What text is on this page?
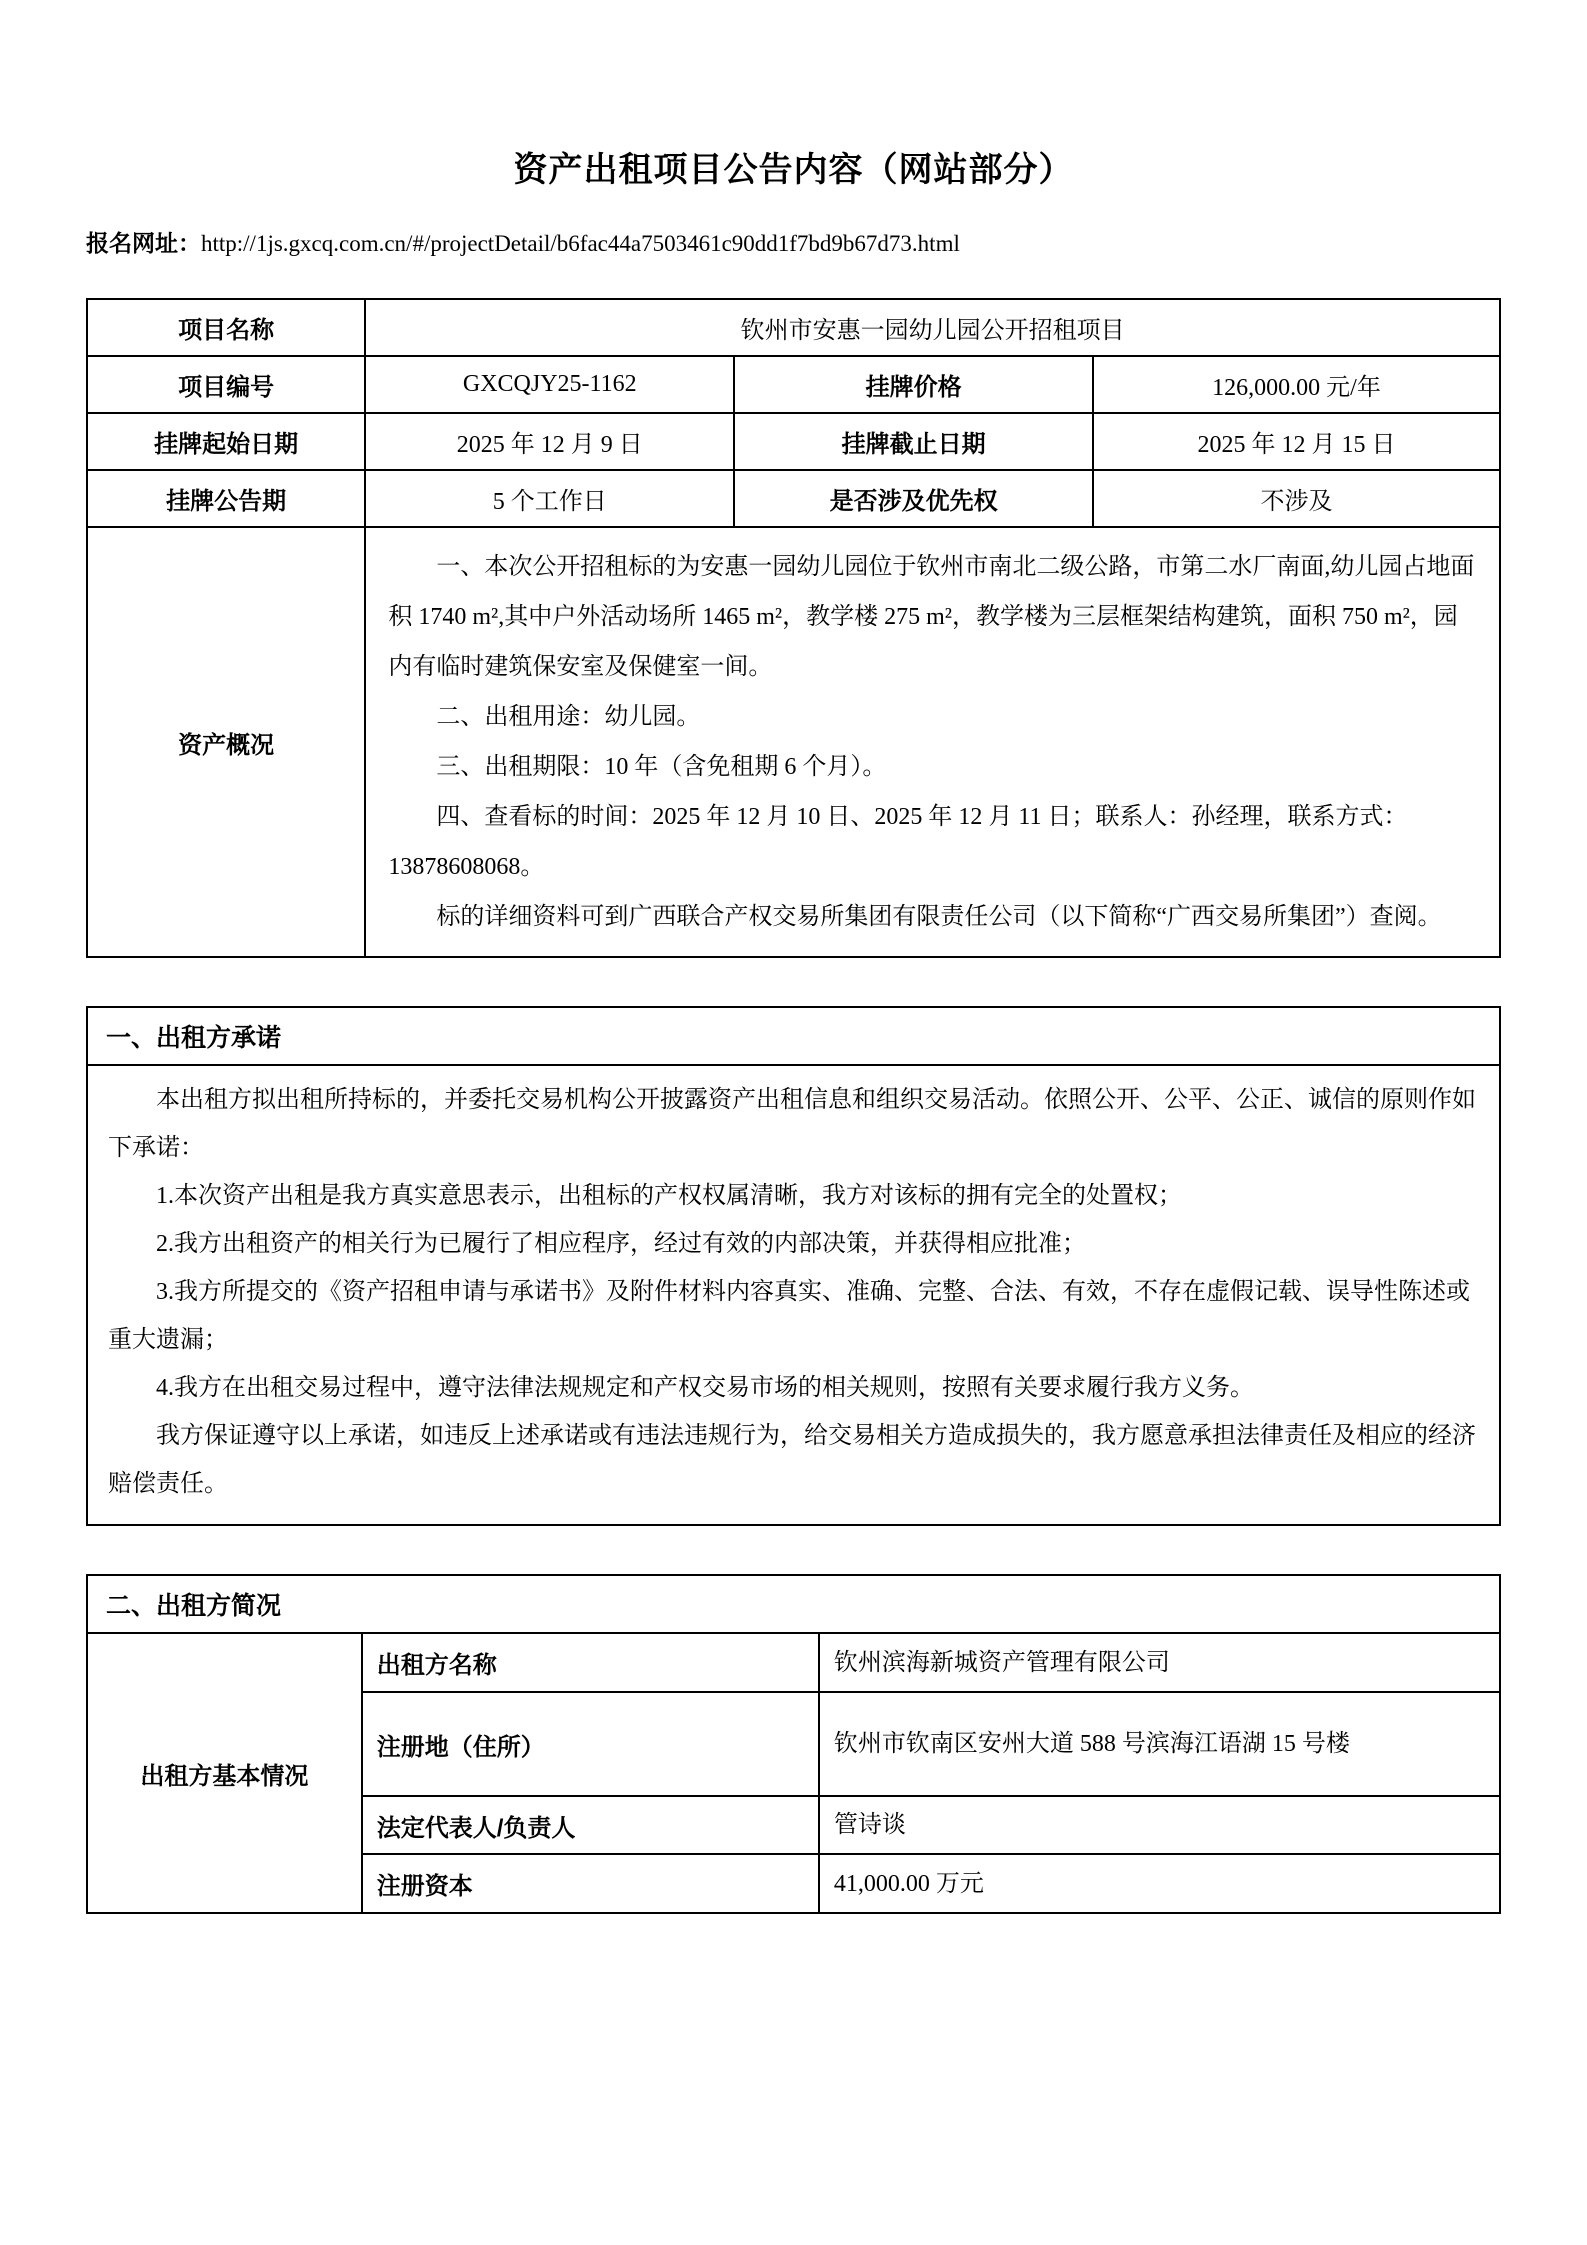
资产出租项目公告内容（网站部分）
报名网址：http://1js.gxcq.com.cn/#/projectDetail/b6fac44a7503461c90dd1f7bd9b67d73.html
项目名称	钦州市安惠一园幼儿园公开招租项目		
项目编号	GXCQJY25-1162	挂牌价格	126,000.00 元/年
挂牌起始日期	2025 年 12 月 9 日	挂牌截止日期	2025 年 12 月 15 日
挂牌公告期	5 个工作日	是否涉及优先权	不涉及
资产概况	一、本次公开招租标的为安惠一园幼儿园位于钦州市南北二级公路，市第二水厂南面,幼儿园占地面积 1740 m²,其中户外活动场所 1465 m²，教学楼 275 m²，教学楼为三层框架结构建筑，面积 750 m²，园内有临时建筑保安室及保健室一间。

二、出租用途：幼儿园。

三、出租期限：10 年（含免租期 6 个月）。

四、查看标的时间：2025 年 12 月 10 日、2025 年 12 月 11 日；联系人：孙经理，联系方式：13878608068。

标的详细资料可到广西联合产权交易所集团有限责任公司（以下简称“广西交易所集团”）查阅。		

一、出租方承诺

本出租方拟出租所持标的，并委托交易机构公开披露资产出租信息和组织交易活动。依照公开、公平、公正、诚信的原则作如下承诺：

1.本次资产出租是我方真实意思表示，出租标的产权权属清晰，我方对该标的拥有完全的处置权；

2.我方出租资产的相关行为已履行了相应程序，经过有效的内部决策，并获得相应批准；

3.我方所提交的《资产招租申请与承诺书》及附件材料内容真实、准确、完整、合法、有效，不存在虚假记载、误导性陈述或重大遗漏；

4.我方在出租交易过程中，遵守法律法规规定和产权交易市场的相关规则，按照有关要求履行我方义务。

我方保证遵守以上承诺，如违反上述承诺或有违法违规行为，给交易相关方造成损失的，我方愿意承担法律责任及相应的经济赔偿责任。

二、出租方简况
出租方基本情况	出租方名称	钦州滨海新城资产管理有限公司
	注册地（住所）	钦州市钦南区安州大道 588 号滨海江语湖 15 号楼
	法定代表人/负责人	管诗谈
	注册资本	41,000.00 万元
